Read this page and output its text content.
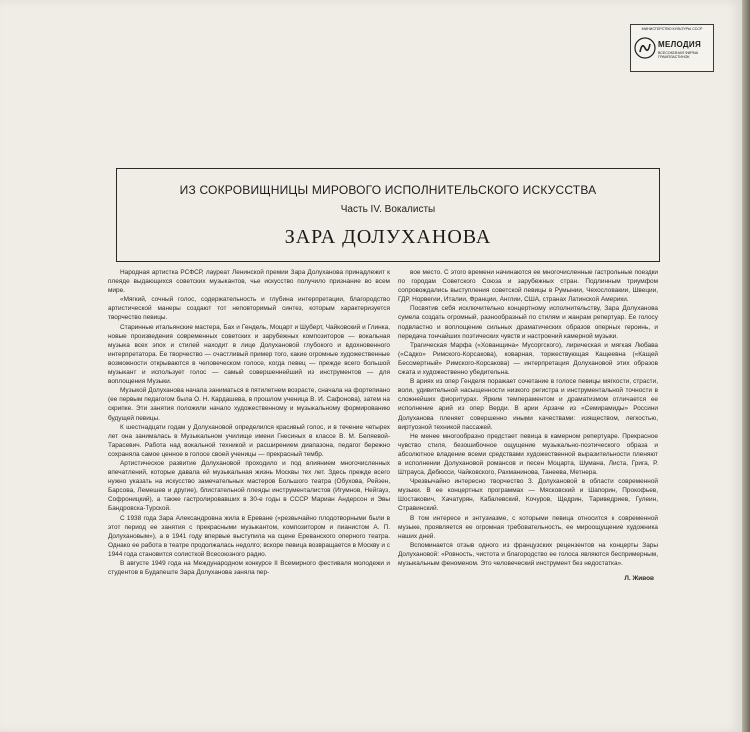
МИНИСТЕРСТВО КУЛЬТУРЫ СССР
МЕЛОДИЯ
ВСЕСОЮЗНАЯ ФИРМА ГРАМПЛАСТИНОК
ИЗ СОКРОВИЩНИЦЫ МИРОВОГО ИСПОЛНИТЕЛЬСКОГО ИСКУССТВА
Часть IV. Вокалисты
ЗАРА ДОЛУХАНОВА

Народная артистка РСФСР, лауреат Ленинской премии Зара Долуханова принадлежит к плеяде выдающихся советских музыкантов, чье искусство получило признание во всем мире.

«Мягкий, сочный голос, содержательность и глубина интерпретации, благородство артистической манеры создают тот неповторимый синтез, которым характеризуется творчество певицы.

Старинные итальянские мастера, Бах и Гендель, Моцарт и Шуберт, Чайковский и Глинка, новые произведения современных советских и зарубежных композиторов — вокальная музыка всех эпох и стилей находит в лице Долухановой глубокого и вдохновенного интерпретатора. Ее творчество — счастливый пример того, какие огромные художественные возможности открываются в человеческом голосе, когда певец — прежде всего большой музыкант и использует голос — самый совершеннейший из инструментов — для воплощения Музыки.

Музыкой Долуханова начала заниматься в пятилетнем возрасте, сначала на фортепиано (ее первым педагогом была О. Н. Кардашева, в прошлом ученица В. И. Сафонова), затем на скрипке. Эти занятия положили начало художественному и музыкальному формированию будущей певицы.

К шестнадцати годам у Долухановой определился красивый голос, и в течение четырех лет она занималась в Музыкальном училище имени Гнесиных в классе В. М. Беляевой-Тарасевич. Работа над вокальной техникой и расширением диапазона, педагог бережно сохраняла самое ценное в голосе своей ученицы — прекрасный тембр.

Артистическое развитие Долухановой проходило и под влиянием многочисленных впечатлений, которые давала ей музыкальная жизнь Москвы тех лет. Здесь прежде всего нужно указать на искусство замечательных мастеров Большого театра (Обухова, Рейзен, Барсова, Лемешев и другие), блистательной плеяды инструменталистов (Игумнов, Нейгауз, Софроницкий), а также гастролировавших в 30-е годы в СССР Мариан Андерсон и Эвы Бандровска-Турской.

С 1938 года Зара Александровна жила в Ереване («резвычайно плодотворными были в этот период ее занятия с прекрасными музыкантом, композитором и пианистом А. П. Долухановым»), а в 1941 году впервые выступила на сцене Ереванского оперного театра. Однако ее работа в театре продолжалась недолго; вскоре певица возвращается в Москву и с 1944 года становится солисткой Всесоюзного радио.

В августе 1949 года на Международном конкурсе II Всемирного фестиваля молодежи и студентов в Будапеште Зара Долуханова заняла пер-

вое место. С этого времени начинаются ее многочисленные гастрольные поездки по городам Советского Союза и зарубежных стран. Подлинным триумфом сопровождались выступления советской певицы в Румынии, Чехословакии, Швеции, ГДР, Норвегии, Италии, Франции, Англии, США, странах Латинской Америки.

Посвятив себя исключительно концертному исполнительству, Зара Долуханова сумела создать огромный, разнообразный по стилям и жанрам репертуар. Ее голосу подвластно и воплощение сильных драматических образов оперных героинь, и передача тончайших поэтических чувств и настроений камерной музыки.

Трагическая Марфа («Хованщина» Мусоргского), лирическая и мягкая Любава («Садко» Римского-Корсакова), коварная, торжествующая Кащеевна («Кащей Бессмертный» Римского-Корсакова) — интерпретация Долухановой этих образов сжата и художественно убедительна.

В ариях из опер Генделя поражает сочетание в голосе певицы мягкости, страсти, воли, удивительной насыщенности низкого регистра и инструментальной точности в сложнейших фиоритурах. Ярким темпераментом и драматизмом отличается ее исполнение арий из опер Верди. В арии Арзаче из «Семирамиды» Россини Долуханова пленяет совершенно иными качествами: изяществом, легкостью, виртуозной техникой пассажей.

Не менее многообразно предстает певица в камерном репертуаре. Прекрасное чувство стиля, безошибочное ощущение музыкально-поэтического образа и абсолютное владение всеми средствами художественной выразительности пленяют в исполнении Долухановой романсов и песен Моцарта, Шумана, Листа, Грига, Р. Штрауса, Дебюсси, Чайковского, Рахманинова, Танеева, Метнера.

Чрезвычайно интересно творчество З. Долухановой в области современной музыки. В ее концертных программах — Мясковский и Шапорин, Прокофьев, Шостакович, Хачатурян, Кабалевский, Кочуров, Щедрин, Тариведриев, Гулеин, Стравинский.

В том интересе и энтузиазме, с которыми певица относится к современной музыке, проявляется ее огромная требовательность, ее мироощущение художника наших дней.

Вспоминается отзыв одного из французских рецензентов на концерты Зары Долухановой: «Ровность, чистота и благородство ее голоса являются беспримерным, музыкальным феноменом. Это человеческий инструмент без недостатка».

Л. Живов
